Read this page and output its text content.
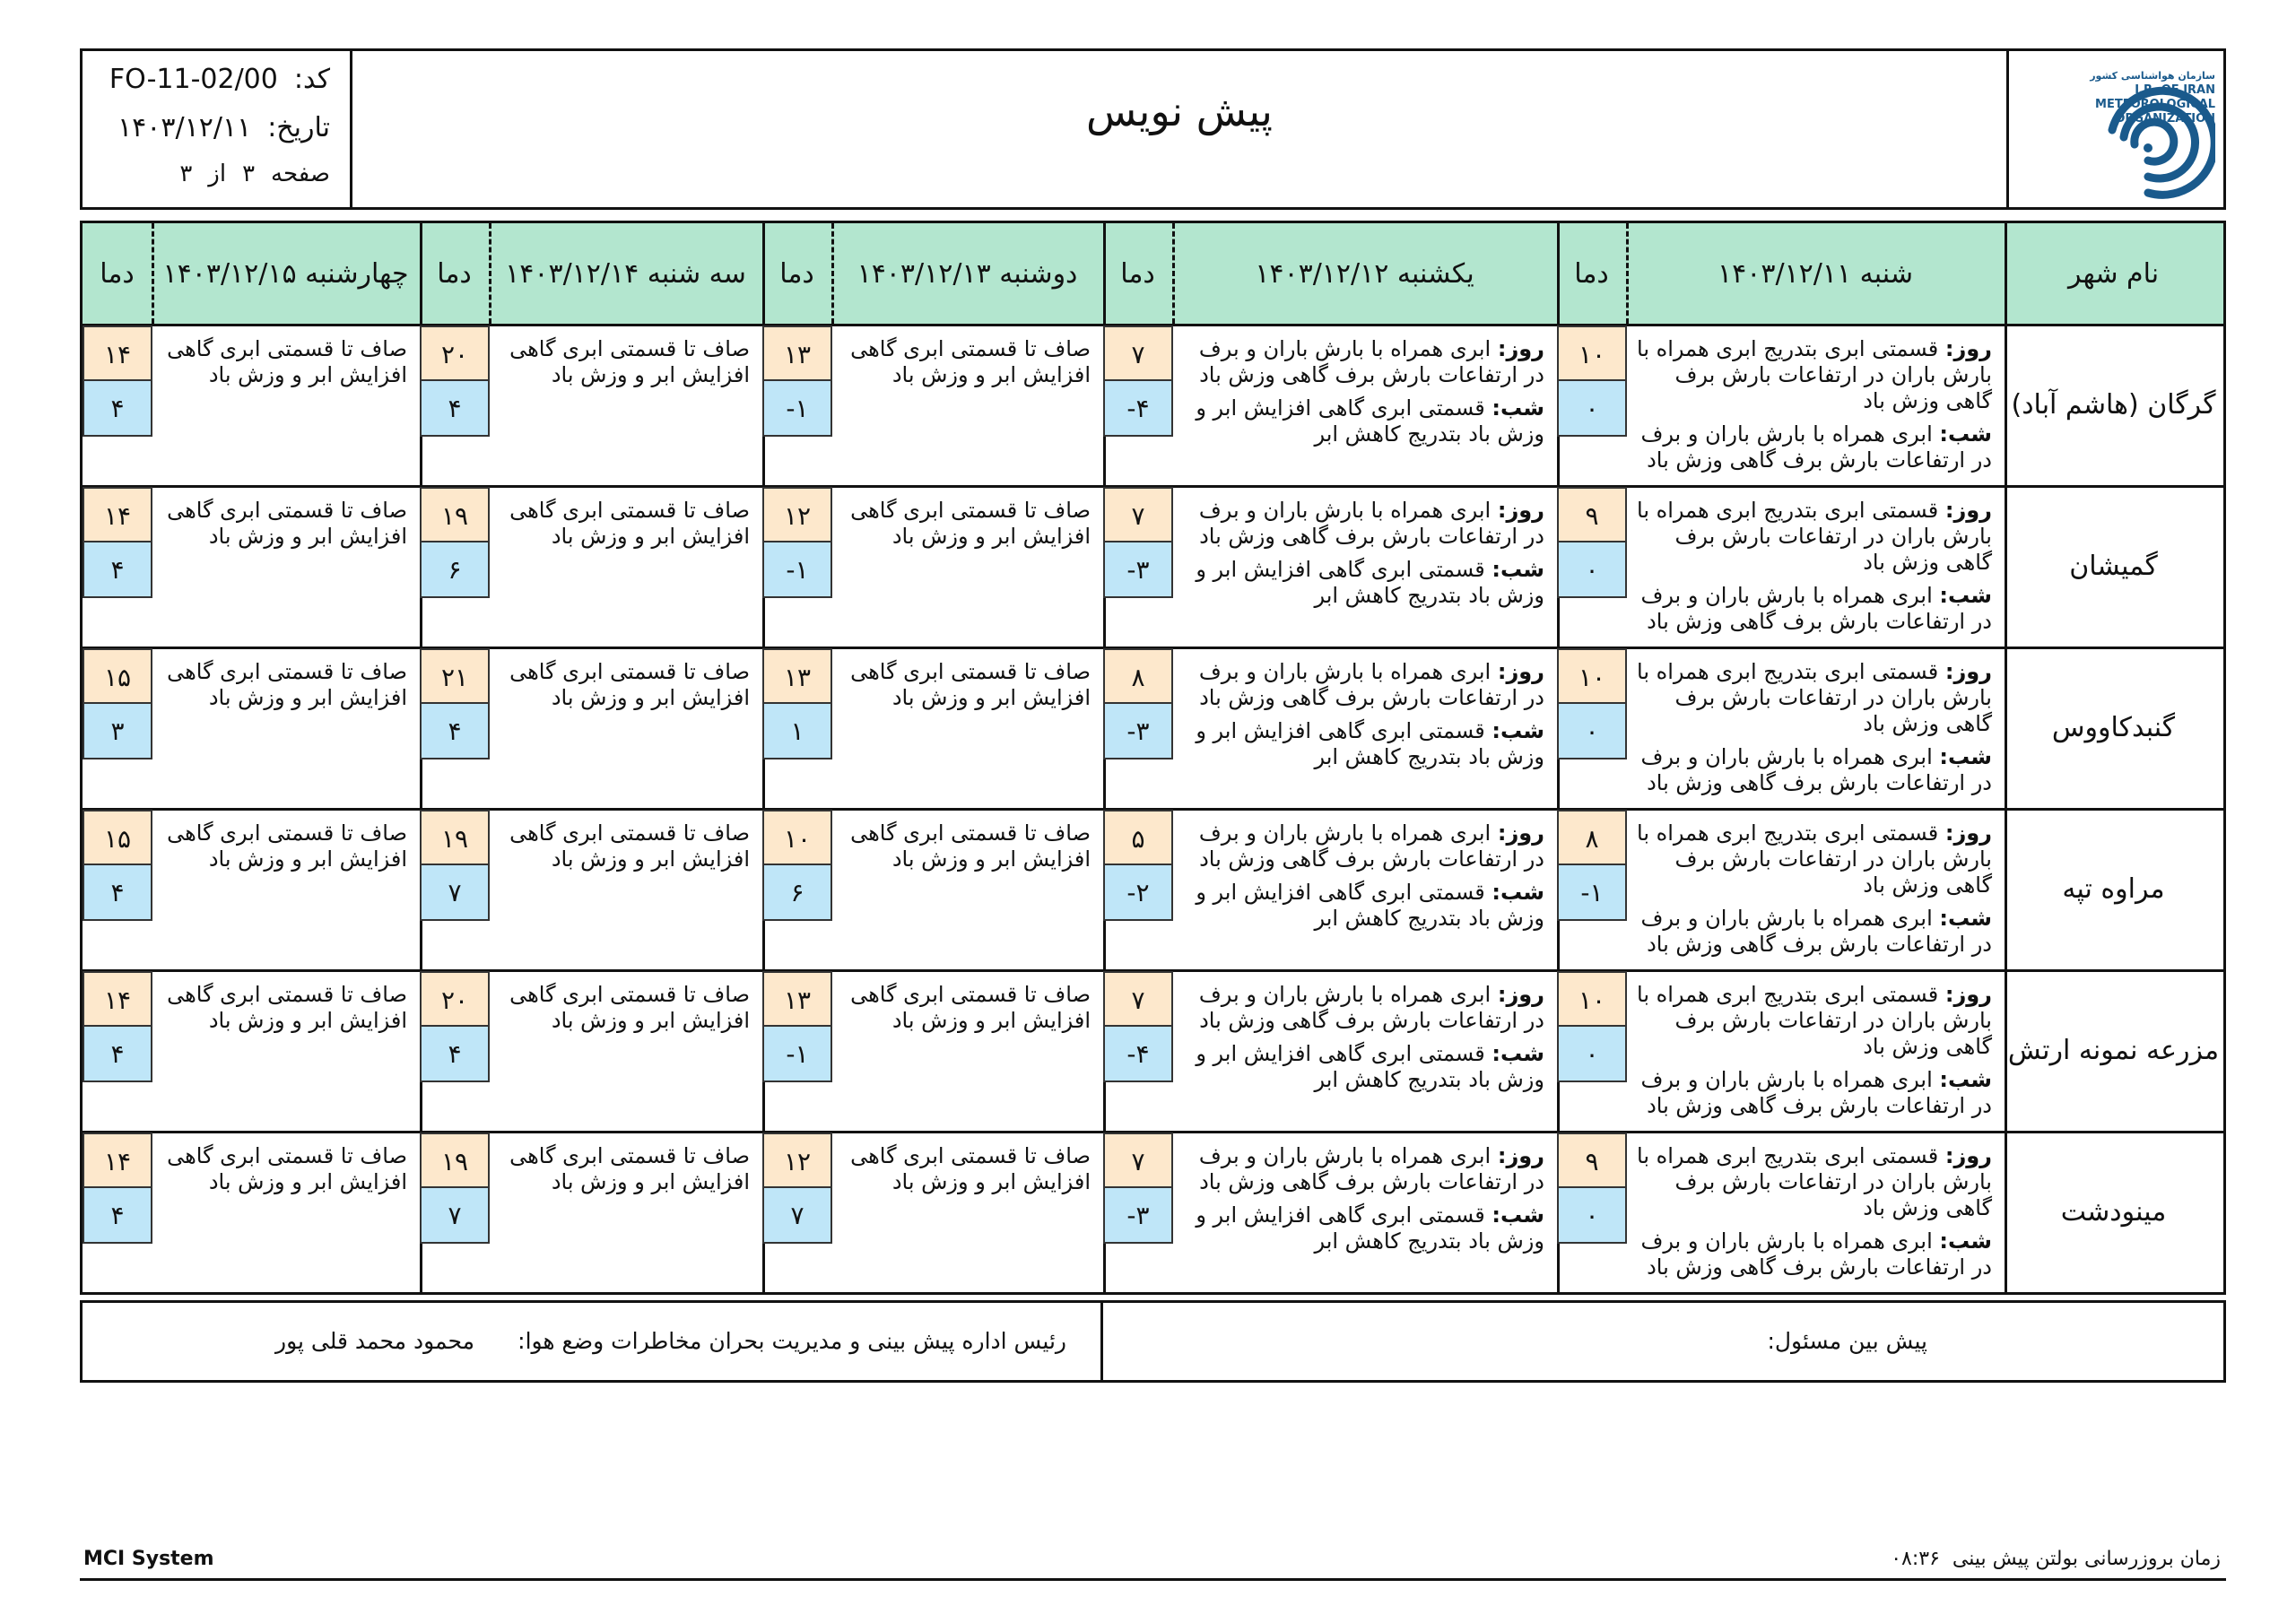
کد:FO-11-02/00
تاریخ:۱۴۰۳/۱۲/۱۱
صفحه۳از۳
پیش نویس
سازمان هواشناسی کشور
I.R. OF IRAN
METEOROLOGICAL
ORGANIZATION
نام شهر
شنبه ۱۴۰۳/۱۲/۱۱
دما
یکشنبه ۱۴۰۳/۱۲/۱۲
دما
دوشنبه ۱۴۰۳/۱۲/۱۳
دما
سه شنبه ۱۴۰۳/۱۲/۱۴
دما
چهارشنبه ۱۴۰۳/۱۲/۱۵
دما
گرگان (هاشم آباد)
روز: قسمتی ابری بتدریج ابری همراه با بارش باران در ارتفاعات بارش برف گاهی وزش باد
شب: ابری همراه با بارش باران و برف در ارتفاعات بارش برف گاهی وزش باد
۱۰
۰
روز: ابری همراه با بارش باران و برف در ارتفاعات بارش برف گاهی وزش باد
شب: قسمتی ابری گاهی افزایش ابر و وزش باد بتدریج کاهش ابر
۷
-۴
صاف تا قسمتی ابری گاهی افزایش ابر و وزش باد
۱۳
-۱
صاف تا قسمتی ابری گاهی افزایش ابر و وزش باد
۲۰
۴
صاف تا قسمتی ابری گاهی افزایش ابر و وزش باد
۱۴
۴
گمیشان
روز: قسمتی ابری بتدریج ابری همراه با بارش باران در ارتفاعات بارش برف گاهی وزش باد
شب: ابری همراه با بارش باران و برف در ارتفاعات بارش برف گاهی وزش باد
۹
۰
روز: ابری همراه با بارش باران و برف در ارتفاعات بارش برف گاهی وزش باد
شب: قسمتی ابری گاهی افزایش ابر و وزش باد بتدریج کاهش ابر
۷
-۳
صاف تا قسمتی ابری گاهی افزایش ابر و وزش باد
۱۲
-۱
صاف تا قسمتی ابری گاهی افزایش ابر و وزش باد
۱۹
۶
صاف تا قسمتی ابری گاهی افزایش ابر و وزش باد
۱۴
۴
گنبدکاووس
روز: قسمتی ابری بتدریج ابری همراه با بارش باران در ارتفاعات بارش برف گاهی وزش باد
شب: ابری همراه با بارش باران و برف در ارتفاعات بارش برف گاهی وزش باد
۱۰
۰
روز: ابری همراه با بارش باران و برف در ارتفاعات بارش برف گاهی وزش باد
شب: قسمتی ابری گاهی افزایش ابر و وزش باد بتدریج کاهش ابر
۸
-۳
صاف تا قسمتی ابری گاهی افزایش ابر و وزش باد
۱۳
۱
صاف تا قسمتی ابری گاهی افزایش ابر و وزش باد
۲۱
۴
صاف تا قسمتی ابری گاهی افزایش ابر و وزش باد
۱۵
۳
مراوه تپه
روز: قسمتی ابری بتدریج ابری همراه با بارش باران در ارتفاعات بارش برف گاهی وزش باد
شب: ابری همراه با بارش باران و برف در ارتفاعات بارش برف گاهی وزش باد
۸
-۱
روز: ابری همراه با بارش باران و برف در ارتفاعات بارش برف گاهی وزش باد
شب: قسمتی ابری گاهی افزایش ابر و وزش باد بتدریج کاهش ابر
۵
-۲
صاف تا قسمتی ابری گاهی افزایش ابر و وزش باد
۱۰
۶
صاف تا قسمتی ابری گاهی افزایش ابر و وزش باد
۱۹
۷
صاف تا قسمتی ابری گاهی افزایش ابر و وزش باد
۱۵
۴
مزرعه نمونه ارتش
روز: قسمتی ابری بتدریج ابری همراه با بارش باران در ارتفاعات بارش برف گاهی وزش باد
شب: ابری همراه با بارش باران و برف در ارتفاعات بارش برف گاهی وزش باد
۱۰
۰
روز: ابری همراه با بارش باران و برف در ارتفاعات بارش برف گاهی وزش باد
شب: قسمتی ابری گاهی افزایش ابر و وزش باد بتدریج کاهش ابر
۷
-۴
صاف تا قسمتی ابری گاهی افزایش ابر و وزش باد
۱۳
-۱
صاف تا قسمتی ابری گاهی افزایش ابر و وزش باد
۲۰
۴
صاف تا قسمتی ابری گاهی افزایش ابر و وزش باد
۱۴
۴
مینودشت
روز: قسمتی ابری بتدریج ابری همراه با بارش باران در ارتفاعات بارش برف گاهی وزش باد
شب: ابری همراه با بارش باران و برف در ارتفاعات بارش برف گاهی وزش باد
۹
۰
روز: ابری همراه با بارش باران و برف در ارتفاعات بارش برف گاهی وزش باد
شب: قسمتی ابری گاهی افزایش ابر و وزش باد بتدریج کاهش ابر
۷
-۳
صاف تا قسمتی ابری گاهی افزایش ابر و وزش باد
۱۲
۷
صاف تا قسمتی ابری گاهی افزایش ابر و وزش باد
۱۹
۷
صاف تا قسمتی ابری گاهی افزایش ابر و وزش باد
۱۴
۴
پیش بین مسئول:
رئیس اداره پیش بینی و مدیریت بحران مخاطرات وضع هوا:
محمود محمد قلی پور
MCI System	زمان بروزرسانی بولتن پیش بینی  ۰۸:۳۶
